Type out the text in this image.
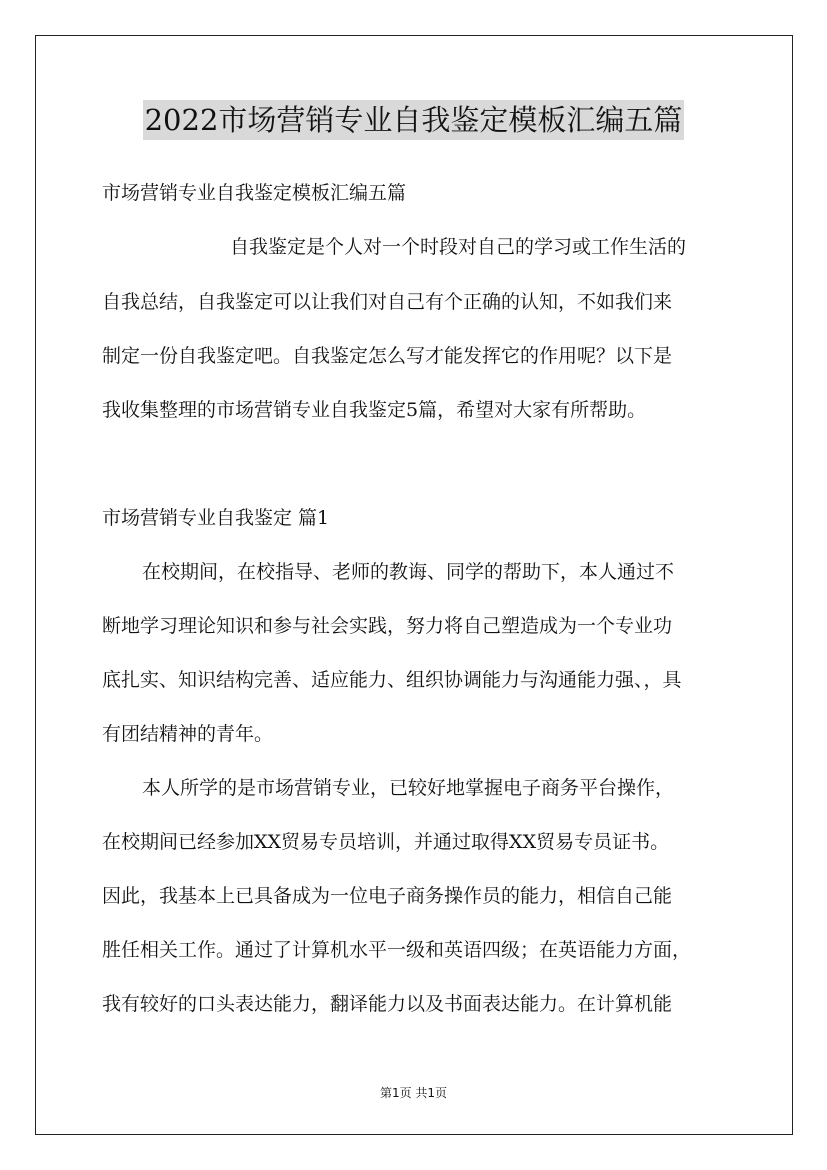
2022市场营销专业自我鉴定模板汇编五篇
市场营销专业自我鉴定模板汇编五篇
自我鉴定是个人对一个时段对自己的学习或工作生活的
自我总结，自我鉴定可以让我们对自己有个正确的认知，不如我们来
制定一份自我鉴定吧。自我鉴定怎么写才能发挥它的作用呢？以下是
我收集整理的市场营销专业自我鉴定5篇，希望对大家有所帮助。
市场营销专业自我鉴定 篇1
在校期间，在校指导、老师的教诲、同学的帮助下，本人通过不
断地学习理论知识和参与社会实践，努力将自己塑造成为一个专业功
底扎实、知识结构完善、适应能力、组织协调能力与沟通能力强、，具
有团结精神的青年。
本人所学的是市场营销专业，已较好地掌握电子商务平台操作，
在校期间已经参加XX贸易专员培训，并通过取得XX贸易专员证书。
因此，我基本上已具备成为一位电子商务操作员的能力，相信自己能
胜任相关工作。通过了计算机水平一级和英语四级；在英语能力方面，
我有较好的口头表达能力，翻译能力以及书面表达能力。在计算机能
第1页 共1页
